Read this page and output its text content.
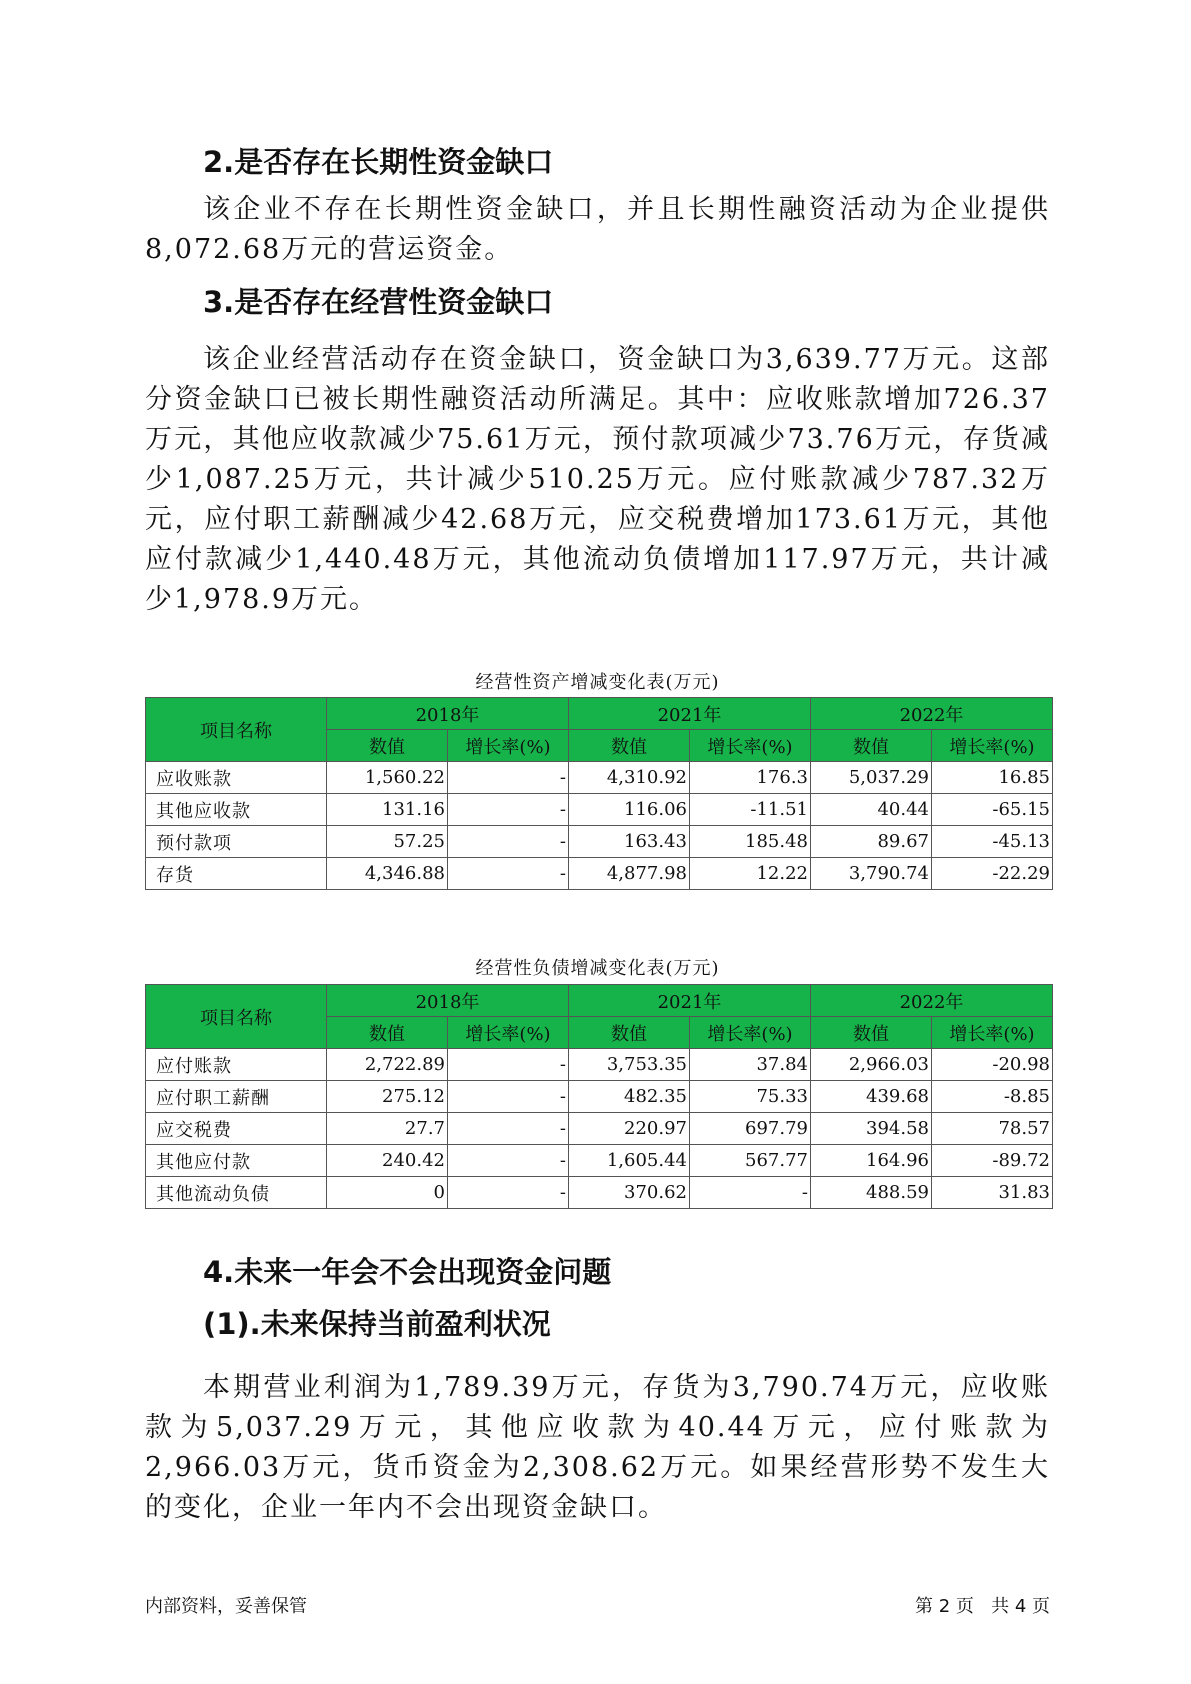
2.是否存在长期性资金缺口

该企业不存在长期性资金缺口，并且长期性融资活动为企业提供8,072.68万元的营运资金。

3.是否存在经营性资金缺口

该企业经营活动存在资金缺口，资金缺口为3,639.77万元。这部分资金缺口已被长期性融资活动所满足。其中：应收账款增加726.37万元，其他应收款减少75.61万元，预付款项减少73.76万元，存货减少1,087.25万元，共计减少510.25万元。应付账款减少787.32万元，应付职工薪酬减少42.68万元，应交税费增加173.61万元，其他应付款减少1,440.48万元，其他流动负债增加117.97万元，共计减少1,978.9万元。

经营性资产增减变化表(万元)
项目名称	2018年		2021年		2022年	
	数值	增长率(%)	数值	增长率(%)	数值	增长率(%)
应收账款	1,560.22	-	4,310.92	176.3	5,037.29	16.85
其他应收款	131.16	-	116.06	-11.51	40.44	-65.15
预付款项	57.25	-	163.43	185.48	89.67	-45.13
存货	4,346.88	-	4,877.98	12.22	3,790.74	-22.29
经营性负债增减变化表(万元)
项目名称	2018年		2021年		2022年	
	数值	增长率(%)	数值	增长率(%)	数值	增长率(%)
应付账款	2,722.89	-	3,753.35	37.84	2,966.03	-20.98
应付职工薪酬	275.12	-	482.35	75.33	439.68	-8.85
应交税费	27.7	-	220.97	697.79	394.58	78.57
其他应付款	240.42	-	1,605.44	567.77	164.96	-89.72
其他流动负债	0	-	370.62	-	488.59	31.83
4.未来一年会不会出现资金问题
(1).未来保持当前盈利状况

本期营业利润为1,789.39万元，存货为3,790.74万元，应收账款为5,037.29万元，其他应收款为40.44万元，应付账款为2,966.03万元，货币资金为2,308.62万元。如果经营形势不发生大的变化，企业一年内不会出现资金缺口。

内部资料，妥善保管	第 2 页   共 4 页
